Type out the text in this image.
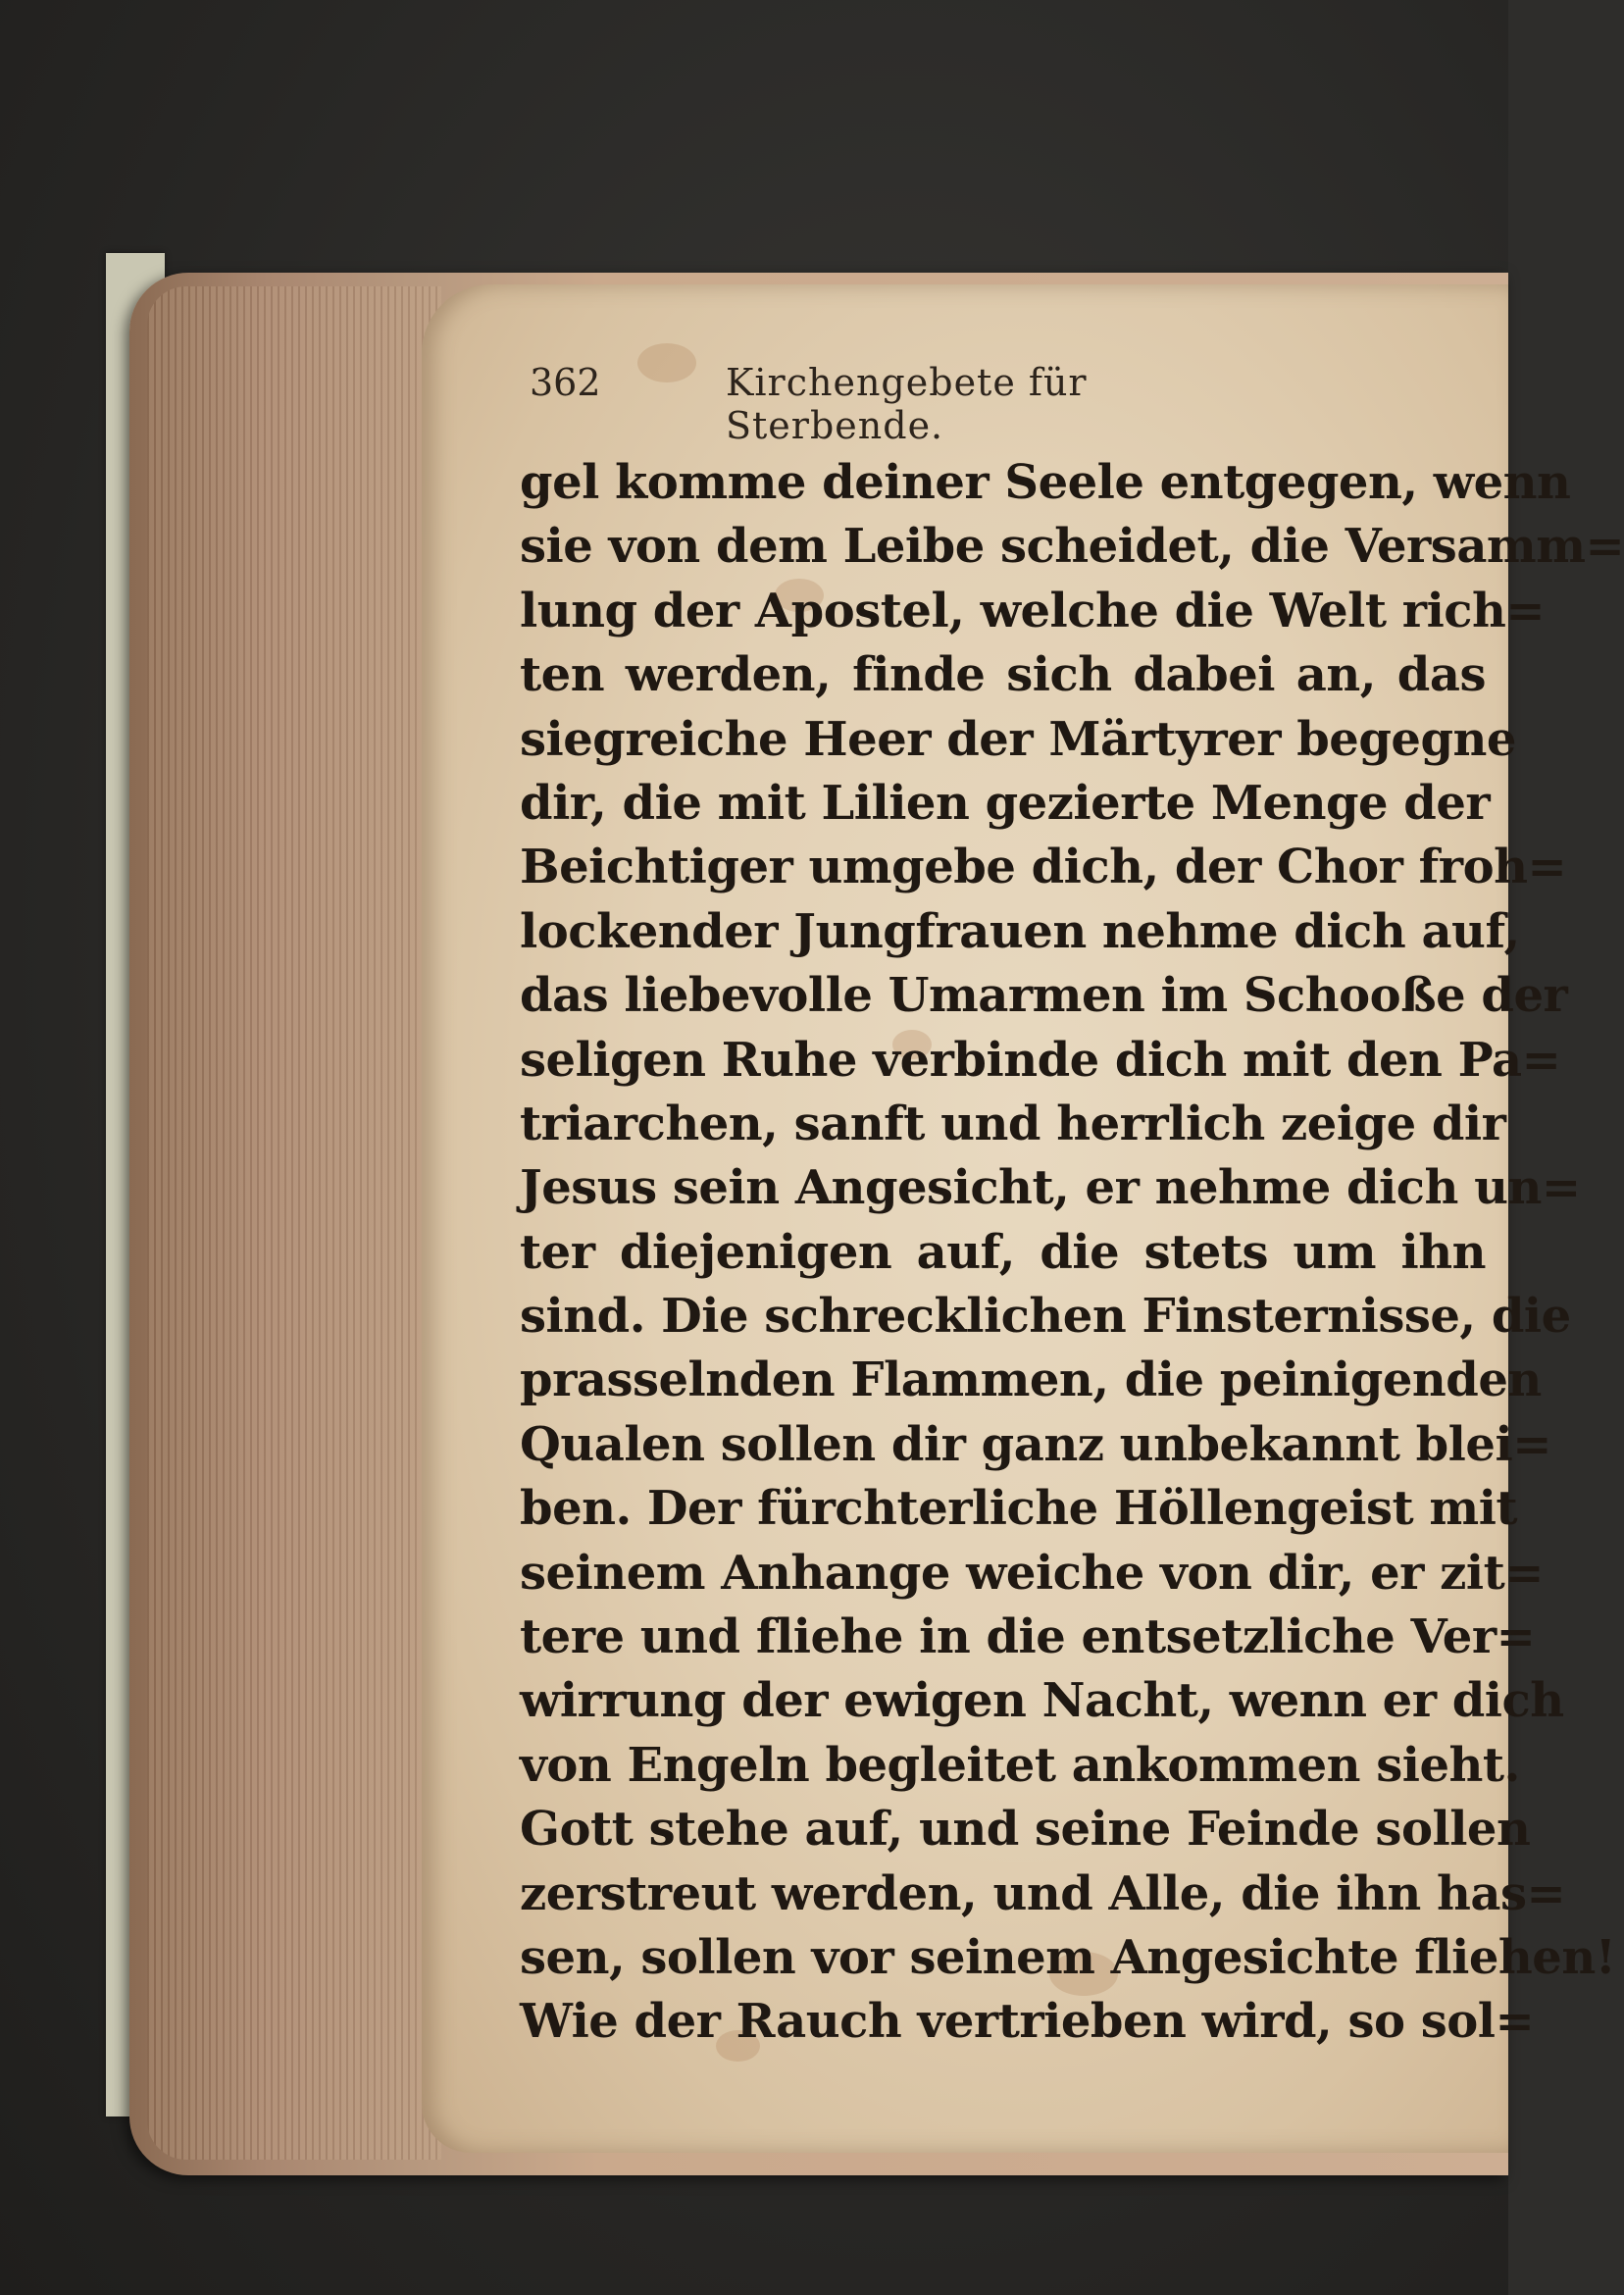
362	Kirchengebete für Sterbende.
gel komme deiner Seele entgegen, wenn
sie von dem Leibe scheidet, die Versamm=
lung der Apostel, welche die Welt rich=
ten werden, finde sich dabei an, das
siegreiche Heer der Märtyrer begegne
dir, die mit Lilien gezierte Menge der
Beichtiger umgebe dich, der Chor froh=
lockender Jungfrauen nehme dich auf,
das liebevolle Umarmen im Schooße der
seligen Ruhe verbinde dich mit den Pa=
triarchen, sanft und herrlich zeige dir
Jesus sein Angesicht, er nehme dich un=
ter diejenigen auf, die stets um ihn
sind. Die schrecklichen Finsternisse, die
prasselnden Flammen, die peinigenden
Qualen sollen dir ganz unbekannt blei=
ben. Der fürchterliche Höllengeist mit
seinem Anhange weiche von dir, er zit=
tere und fliehe in die entsetzliche Ver=
wirrung der ewigen Nacht, wenn er dich
von Engeln begleitet ankommen sieht.
Gott stehe auf, und seine Feinde sollen
zerstreut werden, und Alle, die ihn has=
sen, sollen vor seinem Angesichte fliehen!
Wie der Rauch vertrieben wird, so sol=
